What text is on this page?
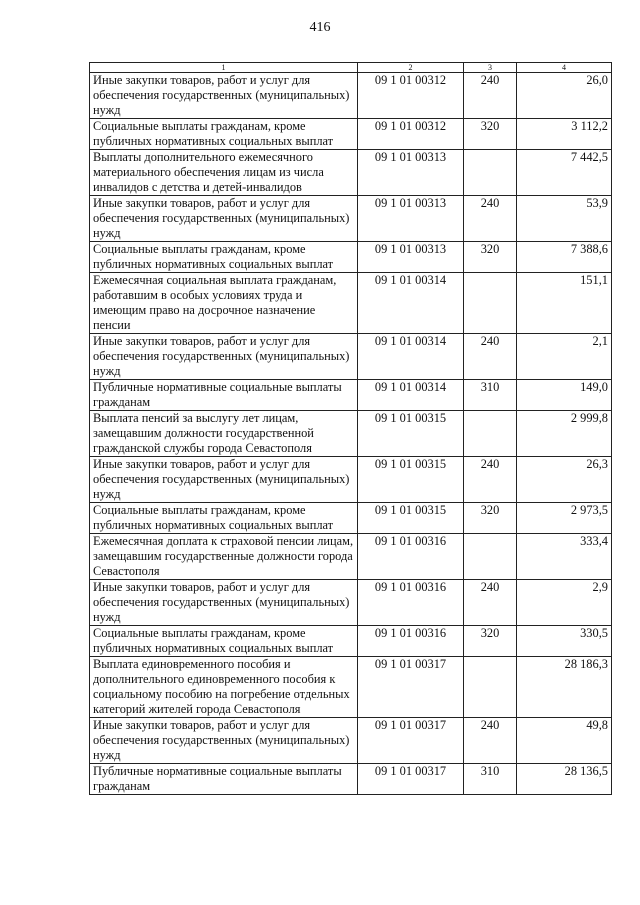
416
1	2	3	4
Иные закупки товаров, работ и услуг для обеспечения государственных (муниципальных) нужд	09 1 01 00312	240	26,0
Социальные выплаты гражданам, кроме публичных нормативных социальных выплат	09 1 01 00312	320	3 112,2
Выплаты дополнительного ежемесячного материального обеспечения лицам из числа инвалидов с детства и детей-инвалидов	09 1 01 00313		7 442,5
Иные закупки товаров, работ и услуг для обеспечения государственных (муниципальных) нужд	09 1 01 00313	240	53,9
Социальные выплаты гражданам, кроме публичных нормативных социальных выплат	09 1 01 00313	320	7 388,6
Ежемесячная социальная выплата гражданам, работавшим в особых условиях труда и имеющим право на досрочное назначение пенсии	09 1 01 00314		151,1
Иные закупки товаров, работ и услуг для обеспечения государственных (муниципальных) нужд	09 1 01 00314	240	2,1
Публичные нормативные социальные выплаты гражданам	09 1 01 00314	310	149,0
Выплата пенсий за выслугу лет лицам, замещавшим должности государственной гражданской службы города Севастополя	09 1 01 00315		2 999,8
Иные закупки товаров, работ и услуг для обеспечения государственных (муниципальных) нужд	09 1 01 00315	240	26,3
Социальные выплаты гражданам, кроме публичных нормативных социальных выплат	09 1 01 00315	320	2 973,5
Ежемесячная доплата к страховой пенсии лицам, замещавшим государственные должности города Севастополя	09 1 01 00316		333,4
Иные закупки товаров, работ и услуг для обеспечения государственных (муниципальных) нужд	09 1 01 00316	240	2,9
Социальные выплаты гражданам, кроме публичных нормативных социальных выплат	09 1 01 00316	320	330,5
Выплата единовременного пособия и дополнительного единовременного пособия к социальному пособию на погребение отдельных категорий жителей города Севастополя	09 1 01 00317		28 186,3
Иные закупки товаров, работ и услуг для обеспечения государственных (муниципальных) нужд	09 1 01 00317	240	49,8
Публичные нормативные социальные выплаты гражданам	09 1 01 00317	310	28 136,5
